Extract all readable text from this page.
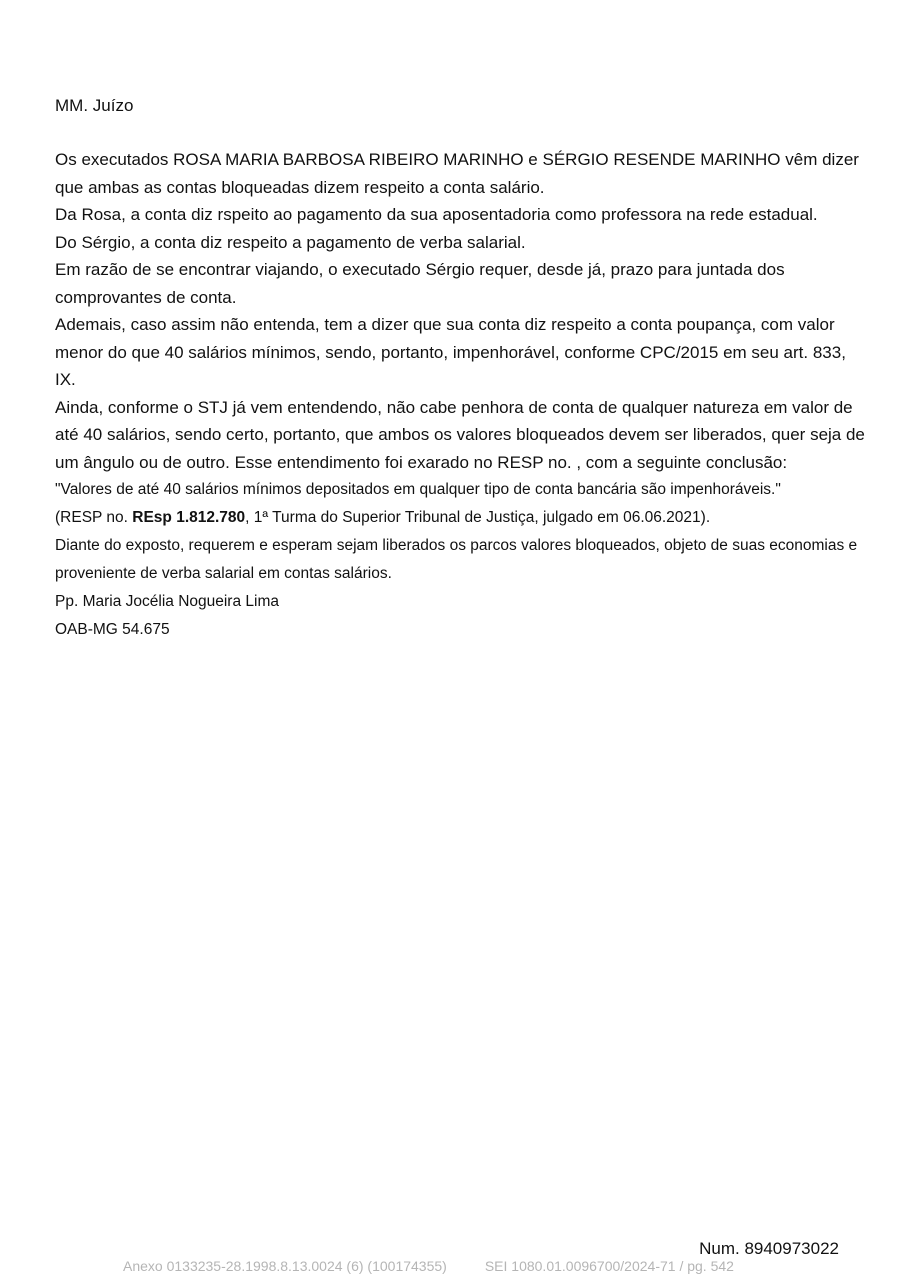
MM. Juízo

Os executados ROSA MARIA BARBOSA RIBEIRO MARINHO e SÉRGIO RESENDE MARINHO vêm dizer que ambas as contas bloqueadas dizem respeito a conta salário.

Da Rosa, a conta diz rspeito ao pagamento da sua aposentadoria como professora na rede estadual.

Do Sérgio, a conta diz respeito a pagamento de verba salarial.

Em razão de se encontrar viajando, o executado Sérgio requer, desde já, prazo para juntada dos comprovantes de conta.

Ademais, caso assim não entenda, tem a dizer que sua conta diz respeito a conta poupança, com valor menor do que 40 salários mínimos, sendo, portanto, impenhorável, conforme CPC/2015 em seu art. 833, IX.

Ainda, conforme o STJ já vem entendendo, não cabe penhora de conta de qualquer natureza em valor de até 40 salários, sendo certo, portanto, que ambos os valores bloqueados devem ser liberados, quer seja de um ângulo ou de outro. Esse entendimento foi exarado no RESP no. , com a seguinte conclusão:

"Valores de até 40 salários mínimos depositados em qualquer tipo de conta bancária são impenhoráveis."

(RESP no. REsp 1.812.780, 1ª Turma do Superior Tribunal de Justiça, julgado em 06.06.2021).

Diante do exposto, requerem e esperam sejam liberados os parcos valores bloqueados, objeto de suas economias e proveniente de verba salarial em contas salários.

Pp. Maria Jocélia Nogueira Lima

OAB-MG 54.675

Num. 8940973022
Anexo 0133235-28.1998.8.13.0024 (6) (100174355)	SEI 1080.01.0096700/2024-71 / pg. 542
